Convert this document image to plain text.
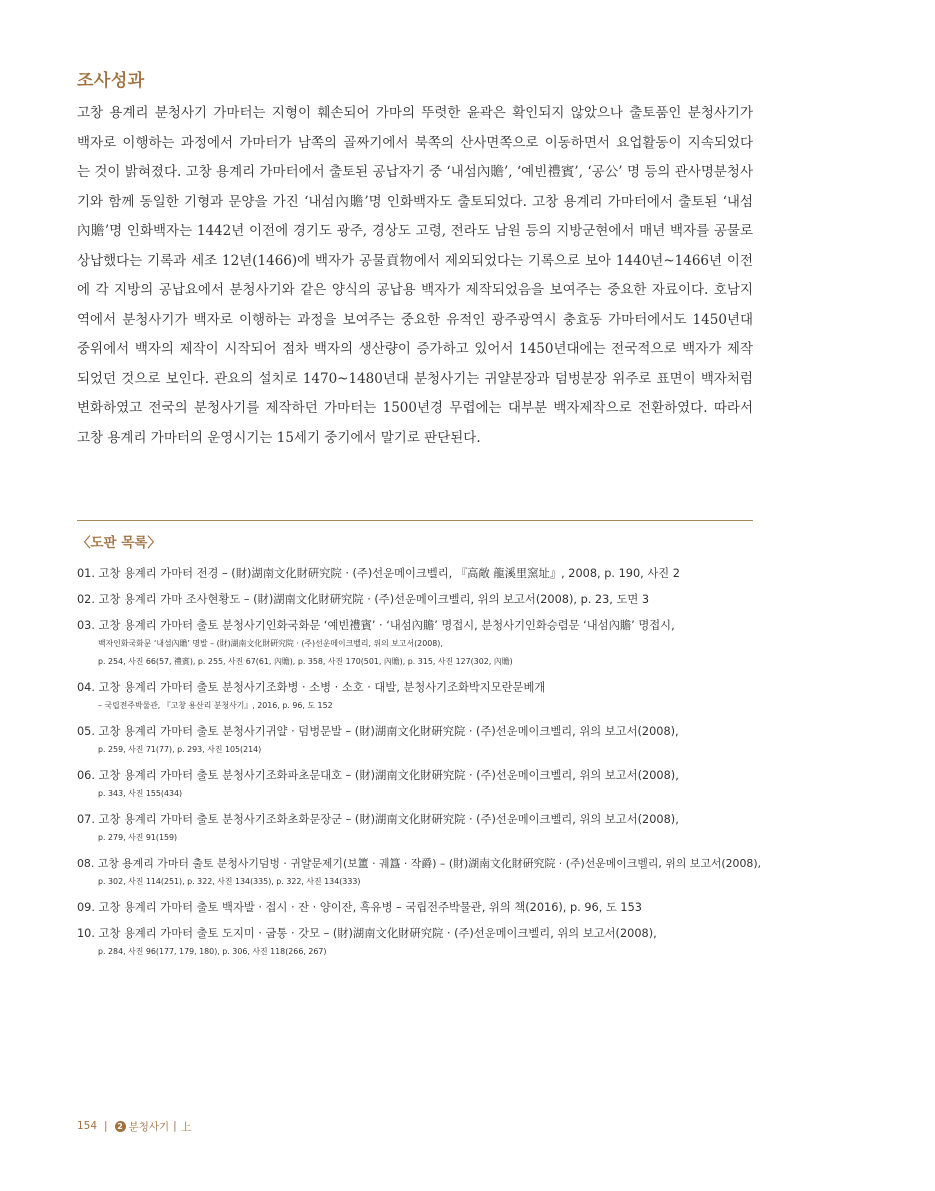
조사성과

고창 용계리 분청사기 가마터는 지형이 훼손되어 가마의 뚜렷한 윤곽은 확인되지 않았으나 출토품인 분청사기가
백자로 이행하는 과정에서 가마터가 남쪽의 골짜기에서 북쪽의 산사면쪽으로 이동하면서 요업활동이 지속되었다
는 것이 밝혀졌다. 고창 용계리 가마터에서 출토된 공납자기 중 ‘내섬內贍’, ‘예빈禮賓’, ‘공公’ 명 등의 관사명분청사
기와 함께 동일한 기형과 문양을 가진 ‘내섬內贍’명 인화백자도 출토되었다. 고창 용계리 가마터에서 출토된 ‘내섬
內贍’명 인화백자는 1442년 이전에 경기도 광주, 경상도 고령, 전라도 남원 등의 지방군현에서 매년 백자를 공물로
상납했다는 기록과 세조 12년(1466)에 백자가 공물貢物에서 제외되었다는 기록으로 보아 1440년~1466년 이전
에 각 지방의 공납요에서 분청사기와 같은 양식의 공납용 백자가 제작되었음을 보여주는 중요한 자료이다. 호남지
역에서 분청사기가 백자로 이행하는 과정을 보여주는 중요한 유적인 광주광역시 충효동 가마터에서도 1450년대
중위에서 백자의 제작이 시작되어 점차 백자의 생산량이 증가하고 있어서 1450년대에는 전국적으로 백자가 제작
되었던 것으로 보인다. 관요의 설치로 1470~1480년대 분청사기는 귀얄분장과 덤벙분장 위주로 표면이 백자처럼
변화하였고 전국의 분청사기를 제작하던 가마터는 1500년경 무렵에는 대부분 백자제작으로 전환하였다. 따라서
고창 용계리 가마터의 운영시기는 15세기 중기에서 말기로 판단된다.

〈도판 목록〉
01. 고창 용계리 가마터 전경 – (財)湖南文化財硏究院 · (주)선운메이크벨리, 『高敞 龍溪里窯址』, 2008, p. 190, 사진 2
02. 고창 용계리 가마 조사현황도 – (財)湖南文化財硏究院 · (주)선운메이크벨리, 위의 보고서(2008), p. 23, 도면 3
03. 고창 용계리 가마터 출토 분청사기인화국화문 ‘예빈禮賓’ · ‘내섬內贍’ 명접시, 분청사기인화승렴문 ‘내섬內贍’ 명접시,
백자인화국화문 ‘내섬內贍’ 명발 – (財)湖南文化財硏究院 · (주)선운메이크벨리, 위의 보고서(2008),
p. 254, 사진 66(57, 禮賓), p. 255, 사진 67(61, 內贍), p. 358, 사진 170(501, 內贍), p. 315, 사진 127(302, 內贍)
04. 고창 용계리 가마터 출토 분청사기조화병 · 소병 · 소호 · 대발, 분청사기조화박지모란문베개
– 국립전주박물관, 『고창 용산리 분청사기』, 2016, p. 96, 도 152
05. 고창 용계리 가마터 출토 분청사기귀얄 · 덤벙문발 – (財)湖南文化財硏究院 · (주)선운메이크벨리, 위의 보고서(2008),
p. 259, 사진 71(77), p. 293, 사진 105(214)
06. 고창 용계리 가마터 출토 분청사기조화파초문대호 – (財)湖南文化財硏究院 · (주)선운메이크벨리, 위의 보고서(2008),
p. 343, 사진 155(434)
07. 고창 용계리 가마터 출토 분청사기조화초화문장군 – (財)湖南文化財硏究院 · (주)선운메이크벨리, 위의 보고서(2008),
p. 279, 사진 91(159)
08. 고창 용계리 가마터 출토 분청사기덤벙 · 귀얄문제기(보簠 · 궤簋 · 작爵) – (財)湖南文化財硏究院 · (주)선운메이크벨리, 위의 보고서(2008),
p. 302, 사진 114(251), p. 322, 사진 134(335), p. 322, 사진 134(333)
09. 고창 용계리 가마터 출토 백자발 · 접시 · 잔 · 양이잔, 흑유병 – 국립전주박물관, 위의 책(2016), p. 96, 도 153
10. 고창 용계리 가마터 출토 도지미 · 굽통 · 갓모 – (財)湖南文化財硏究院 · (주)선운메이크벨리, 위의 보고서(2008),
p. 284, 사진 96(177, 179, 180), p. 306, 사진 118(266, 267)
154 |	2 분청사기 | 上
